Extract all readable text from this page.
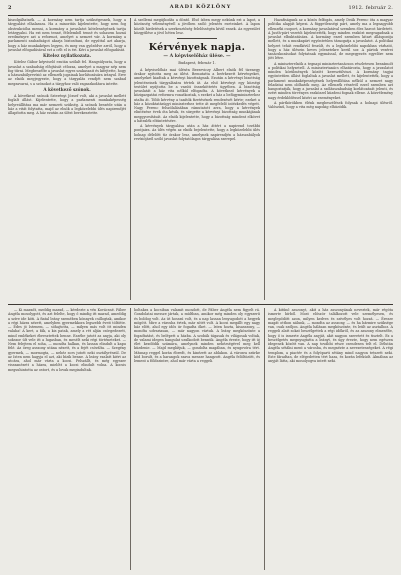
2	ARADI KÖZLÖNY	1912. február 2.

kiszolgáltatnék. — A kormány nem tartja szükségesnek, hogy a tárgyalást elhalassza. Ha a minoritás kijelentette, hogy nem fog obstrukcióba menni, a kormány a javaslatot kötelességének tartja letárgyalni. Ha ezt nem tenné, félelemből tenné és sohasem hozná eredményre azt a reformot, amelyet a nemzet vár. A kormány a parlamenti szabadságot akarja biztosítani, de egyúttal azt akarja, hogy a ház munkaképes legyen, és meg van győződve arról, hogy a javaslat elfogadásával ezt a célt el is éri. Kéri a javaslat elfogadását.

Kitelez nyilatkozata.

Kitelez Gábor képviselő ezután szólalt fel. Hangsúlyozta, hogy a javaslat a szabadság elfojtását célozza, amelyet a magyar nép nem fog tűrni. Megbeszélte a javaslat egyes szakaszait és kifejtette, hogy a házszabályrevízió az ellenzék jogainak korlátozására irányul. Erre az elnök megjegyezte, hogy a tárgyalás rendjét nem szabad megzavarni, s a szónokot a tárgyhoz való ragaszkodásra intette.

A következő szónok.

A következő szónok Szterényi József volt, aki a javaslat mellett foglalt állást. Kijelentette, hogy a parlamenti munkaképesség helyreállítása ma már nemzeti szükség. A szónok beszéde után a ház a vitát folytatta, majd az elnök a legközelebbi ülés napirendjét állapította meg. A ház ezután az ülést berekesztette.

A szellemi megújhodás a döntő. Első ízben megy nekünk ezt a lapot, a közönség véleményéről a jövőben szóló jelentés eseteinket. A lapon közölt hirdetések a szerkesztőség felelősségén kívül esnek. Az egyesület közgyűlése a jövő héten lesz.

Kérvények napja.
— A képviselőház ülése. —
Budapest, február 1.

A képviselőház mai ülésén Berzeviczy Albert elnök fél tizenegy órakor nyitotta meg az ülést. Bemutatta a beérkezett kérvényeket, amelyeket kiadtak a kérvényi bizottságnak. Ezután a kérvényi bizottság jelentéseinek tárgyalására tértek át. Az első kérvényt egy községi testület nyújtotta be a vasúti összeköttetés ügyében. A bizottság javaslatát a ház vita nélkül elfogadta. A következő kérvények a közigazgatási reformra vonatkoztak, s ezeket a ház a belügyminiszterhez utalta át. Több kérvény a tanítók fizetésének rendezését kérte; ezeket a ház a közoktatásügyi miniszterhez tette át megfelelő intézkedés végett. Nagy Ferenc felszólalásában rámutatott arra, hogy a kérvények elintézése évek óta késik, és sürgette a kérvényi bizottság munkájának meggyorsítását. Az elnök kijelentette, hogy a bizottság mindent elkövet a hátralék eltüntetésére.

A kérvények tárgyalása után a ház áttért a napirend további pontjaira. Az ülés végén az elnök bejelentette, hogy a legközelebbi ülés holnap délelőtt tíz órakor lesz, amelynek napirendjén a házszabályok revíziójáról szóló javaslat folytatólagos tárgyalása szerepel.

Hazafiságunk az a közös felfogás, amely Deák Ferenc óta a magyar politika alapját képezi. A függetlenségi párt, amely ma a legnagyobb ellenzéki csoport, a kormány javaslatával szemben éles harcot hirdetett. A Justh-párt vezetői kijelentették, hogy minden eszközt megragadnak a javaslat elbuktatására. A kormány ezzel szemben kitart álláspontja mellett, és a munkapárt egyöntetűen támogatja a javaslatot. A politikai helyzet tehát rendkívül feszült, és a legközelebbi napokban várható, hogy a ház ülésein heves jelenetekre kerül sor. A pártok vezérei tanácskozásokat folytatnak egymással, de megegyezés egyelőre nem jött létre.

A miniszterelnök a tegnapi minisztertanácson részletesen beszámolt a politikai helyzetről. A minisztertanács elhatározta, hogy a javaslatot minden körülmények között keresztülviszi. A kormány tagjai egyöntetűen állást foglaltak a javaslat mellett, és kijelentették, hogy a parlament munkaképességének helyreállítása nélkül a nemzet nagy feladatai nem oldhatók meg. Az ellenzék részéről ezzel szemben azt hangoztatják, hogy a javaslat a szólásszabadság korlátozását jelenti, és ezért minden törvényes eszközzel küzdeni fognak ellene. A közvélemény nagy érdeklődéssel kíséri az eseményeket.

A pártkörökben élénk megbeszélések folynak a holnapi ülésről. Valószínű, hogy a vita még napokig elhúzódik.

— Ki maradt, meddig marad, — kérdezte a vén Kovácsné. Fáber Angéla mosolygott, és azt felelte, hogy ő mindig itt marad, ameddig a szíve ide köti. A fiatal leány szemében könnyek csillogtak, amikor a régi házra nézett, amelyben gyermekkora legszebb éveit töltötte. — Édes jó Istenem, — sóhajtotta, — milyen más volt itt minden valaha! A kert, a fák, a kis patak, amely a rét alján csörgedezett, mind emlékeket ébresztettek benne. Eszébe jutott az anyja, aki oly sokszor ült vele itt a lugasban, és mesélt neki régi történeteket. — Nem felejtem el soha, — mondta halkan, és lassan elindult a kapu felé. Az öreg asszony utána nézett, és a fejét csóválta. — Szegény gyermek, — mormogta, — nehéz sors jutott neki osztályrészül. De az Isten nem hagyja el azt, aki bízik benne. A leány ezalatt kiért az utcára, ahol már várta a kocsi. Felszállt, és még egyszer visszanézett a házra, mielőtt a kocsi elindult volna. A kocsis megsuhintotta az ostort, és a lovak megindultak.

holtakra a kocsiban valamit mondott, de Fáber Angéla nem figyelt rá. Gondolatai messze jártak, a múltban, amikor még minden oly egyszerű és boldog volt. Az út hosszú volt, és a nap lassan lenyugodott a hegyek mögött. Mire a városba értek, már sötét volt. A kocsi megállt egy nagy ház előtt, ahol egy idős úr fogadta őket. — Isten hozta, kisasszony, — mondta udvariasan, — már nagyon vártuk. A leány megköszönte a fogadtatást, és belépett a házba. A szobák tágasak és világosak voltak, de valami idegen hangulat uralkodott bennük. Angéla érezte, hogy itt új élet kezdődik számára, amelynek minden nehézségével meg kell küzdenie. — Majd meglátjuk, — gondolta magában, és nyugovóra tért. Másnap reggel korán ébredt, és kinézett az ablakon. A városra szürke köd borult, és a harangok szava messze hangzott. Angéla felöltözött, és lement a földszintre, ahol már várta a reggeli.

A kitűnő asszonyt, akit a ház asszonyának neveztek, már régóta ismerte hírből. Most először találkozott vele személyesen, és meglepődött azon, milyen kedves és szívélyes volt hozzá. — Érezze magát otthon nálunk, — mondta az asszony, — és ha bármire szüksége van, csak szóljon. Angéla hálásan megköszönte, és leült az asztalhoz. A reggeli alatt sokat beszélgettek a régi időkről, és az asszony elmesélte, hogy ő is ismerte Angéla anyját, akit nagyon szeretett és tisztelt. Ez a beszélgetés megnyugtatta a leányt, és úgy érezte, hogy nem egészen idegenek között van. A nap további része csendesen telt el. Délután Angéla sétálni ment a városba, és megnézte a nevezetességeket. A régi templom, a piactér és a folyóparti sétány mind nagyon tetszett neki. Este fáradtan, de elégedetten tért haza, és korán lefeküdt. Álmában az anyját látta, aki mosolyogva intett neki.
